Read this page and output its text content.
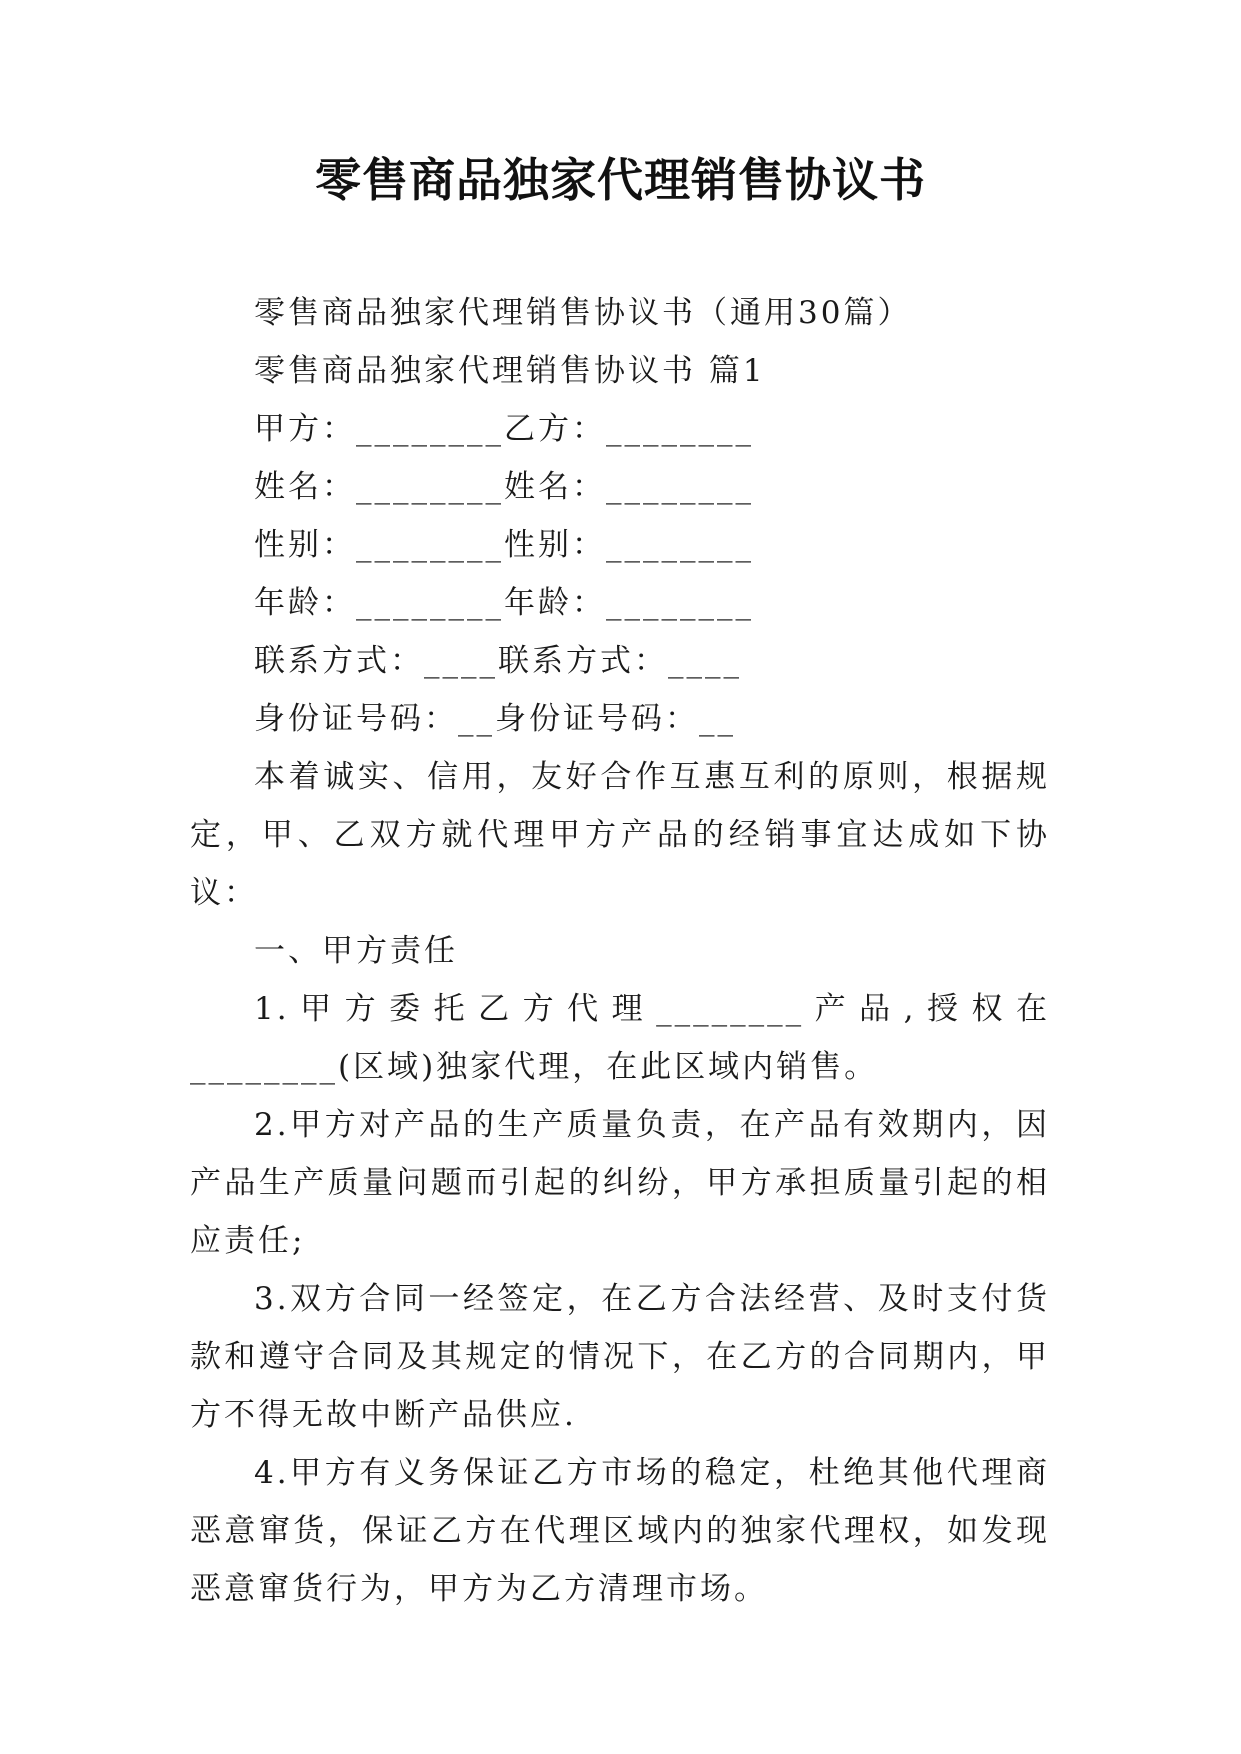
零售商品独家代理销售协议书

零售商品独家代理销售协议书（通用30篇）

零售商品独家代理销售协议书 篇1

甲方：________乙方：________

姓名：________姓名：________

性别：________性别：________

年龄：________年龄：________

联系方式：____联系方式：____

身份证号码：__身份证号码：__

本着诚实、信用，友好合作互惠互利的原则，根据规定，甲、乙双方就代理甲方产品的经销事宜达成如下协议：

一、甲方责任

1.甲方委托乙方代理________产品,授权在________(区域)独家代理，在此区域内销售。

2.甲方对产品的生产质量负责，在产品有效期内，因产品生产质量问题而引起的纠纷，甲方承担质量引起的相应责任;

3.双方合同一经签定，在乙方合法经营、及时支付货款和遵守合同及其规定的情况下，在乙方的合同期内，甲方不得无故中断产品供应.

4.甲方有义务保证乙方市场的稳定，杜绝其他代理商恶意窜货，保证乙方在代理区域内的独家代理权，如发现恶意窜货行为，甲方为乙方清理市场。
